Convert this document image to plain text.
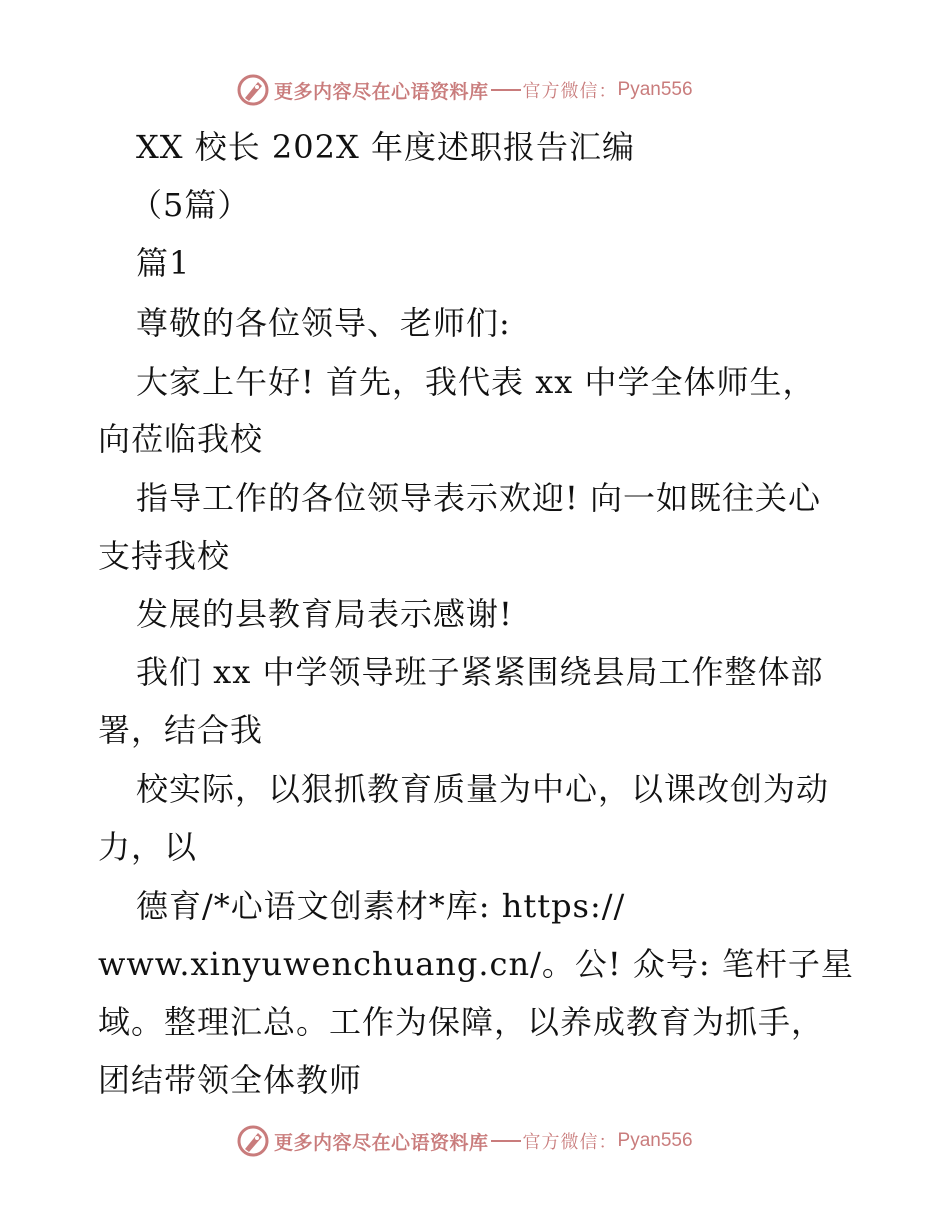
更多内容尽在心语资料库 官方微信： Pyan556
XX 校长 202X 年度述职报告汇编
（5篇）
篇1
尊敬的各位领导、老师们:
大家上午好! 首先，我代表 xx 中学全体师生，
向莅临我校
指导工作的各位领导表示欢迎! 向一如既往关心
支持我校
发展的县教育局表示感谢!
我们 xx 中学领导班子紧紧围绕县局工作整体部
署，结合我
校实际，以狠抓教育质量为中心，以课改创为动
力，以
德育/*心语文创素材*库: https://
www.xinyuwenchuang.cn/。公! 众号: 笔杆子星
域。整理汇总。工作为保障，以养成教育为抓手，
团结带领全体教师
更多内容尽在心语资料库 官方微信： Pyan556
